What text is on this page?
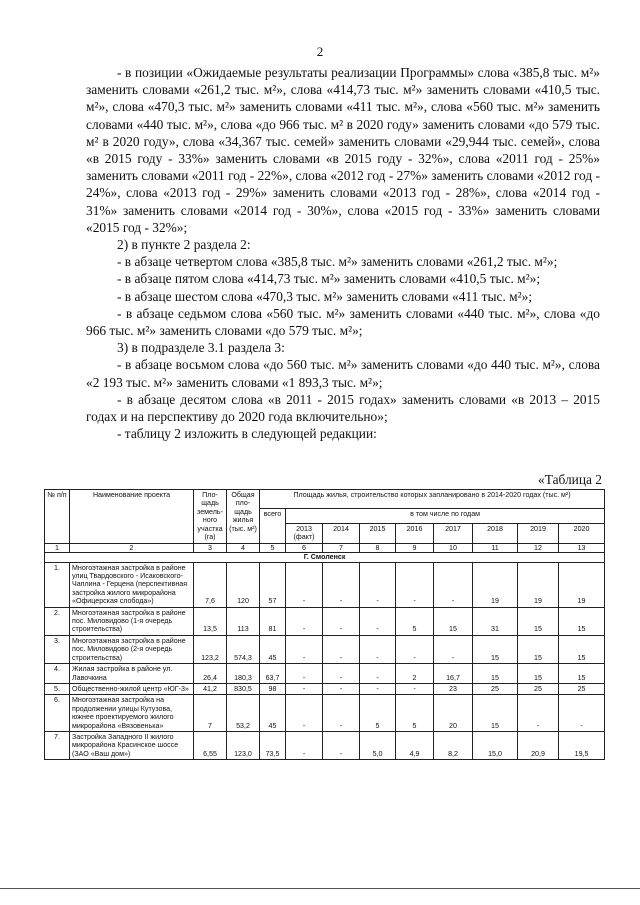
2

- в позиции «Ожидаемые результаты реализации Программы» слова «385,8 тыс. м²» заменить словами «261,2 тыс. м²», слова «414,73 тыс. м²» заменить словами «410,5 тыс. м²», слова «470,3 тыс. м²» заменить словами «411 тыс. м²», слова «560 тыс. м²» заменить словами «440 тыс. м²», слова «до 966 тыс. м² в 2020 году» заменить словами «до 579 тыс. м² в 2020 году», слова «34,367 тыс. семей» заменить словами «29,944 тыс. семей», слова «в 2015 году - 33%» заменить словами «в 2015 году - 32%», слова «2011 год - 25%» заменить словами «2011 год - 22%», слова «2012 год - 27%» заменить словами «2012 год - 24%», слова «2013 год - 29%» заменить словами «2013 год - 28%», слова «2014 год - 31%» заменить словами «2014 год - 30%», слова «2015 год - 33%» заменить словами «2015 год - 32%»;

2) в пункте 2 раздела 2:

- в абзаце четвертом слова «385,8 тыс. м²» заменить словами «261,2 тыс. м²»;

- в абзаце пятом слова «414,73 тыс. м²» заменить словами «410,5 тыс. м²»;

- в абзаце шестом слова «470,3 тыс. м²» заменить словами «411 тыс. м²»;

- в абзаце седьмом слова «560 тыс. м²» заменить словами «440 тыс. м²», слова «до 966 тыс. м²» заменить словами «до 579 тыс. м²»;

3) в подразделе 3.1 раздела 3:

- в абзаце восьмом слова «до 560 тыс. м²» заменить словами «до 440 тыс. м²», слова «2 193 тыс. м²» заменить словами «1 893,3 тыс. м²»;

- в абзаце десятом слова «в 2011 - 2015 годах» заменить словами «в 2013 – 2015 годах и на перспективу до 2020 года включительно»;

- таблицу 2 изложить в следующей редакции:

«Таблица 2
№ п/п	Наименование проекта	Пло- щадь земель- ного участка (га)	Общая пло- щадь жилья (тыс. м²)	Площадь жилья, строительство которых запланировано в 2014-2020 годах (тыс. м²)								
				всего	в том числе по годам							
					2013 (факт)	2014	2015	2016	2017	2018	2019	2020
1	2	3	4	5	6	7	8	9	10	11	12	13
Г. Смоленск												
1.	Многоэтажная застройка в районе улиц Твардовского - Исаковского-Чаплина - Герцена (перспективная застройка жилого микрорайона «Офицерская слобода»)	7,6	120	57	-	-	-	-	-	19	19	19
2.	Многоэтажная застройка в районе пос. Миловидово (1-я очередь строительства)	13,5	113	81	-	-	-	5	15	31	15	15
3.	Многоэтажная застройка в районе пос. Миловидово (2-я очередь строительства)	123,2	574,3	45	-	-	-	-	-	15	15	15
4.	Жилая застройка в районе ул. Лавочкина	26,4	180,3	63,7	-	-	-	2	16,7	15	15	15
5.	Общественно-жилой центр «ЮГ-3»	41,2	830,5	98	-	-	-	-	23	25	25	25
6.	Многоэтажная застройка на продолжении улицы Кутузова, южнее проектируемого жилого микрорайона «Вязовенька»	7	53,2	45	-	-	5	5	20	15	-	-
7.	Застройка Западного II жилого микрорайона Красинское шоссе (ЗАО «Ваш дом»)	6,55	123,0	73,5	-	-	5,0	4,9	8,2	15,0	20,9	19,5
